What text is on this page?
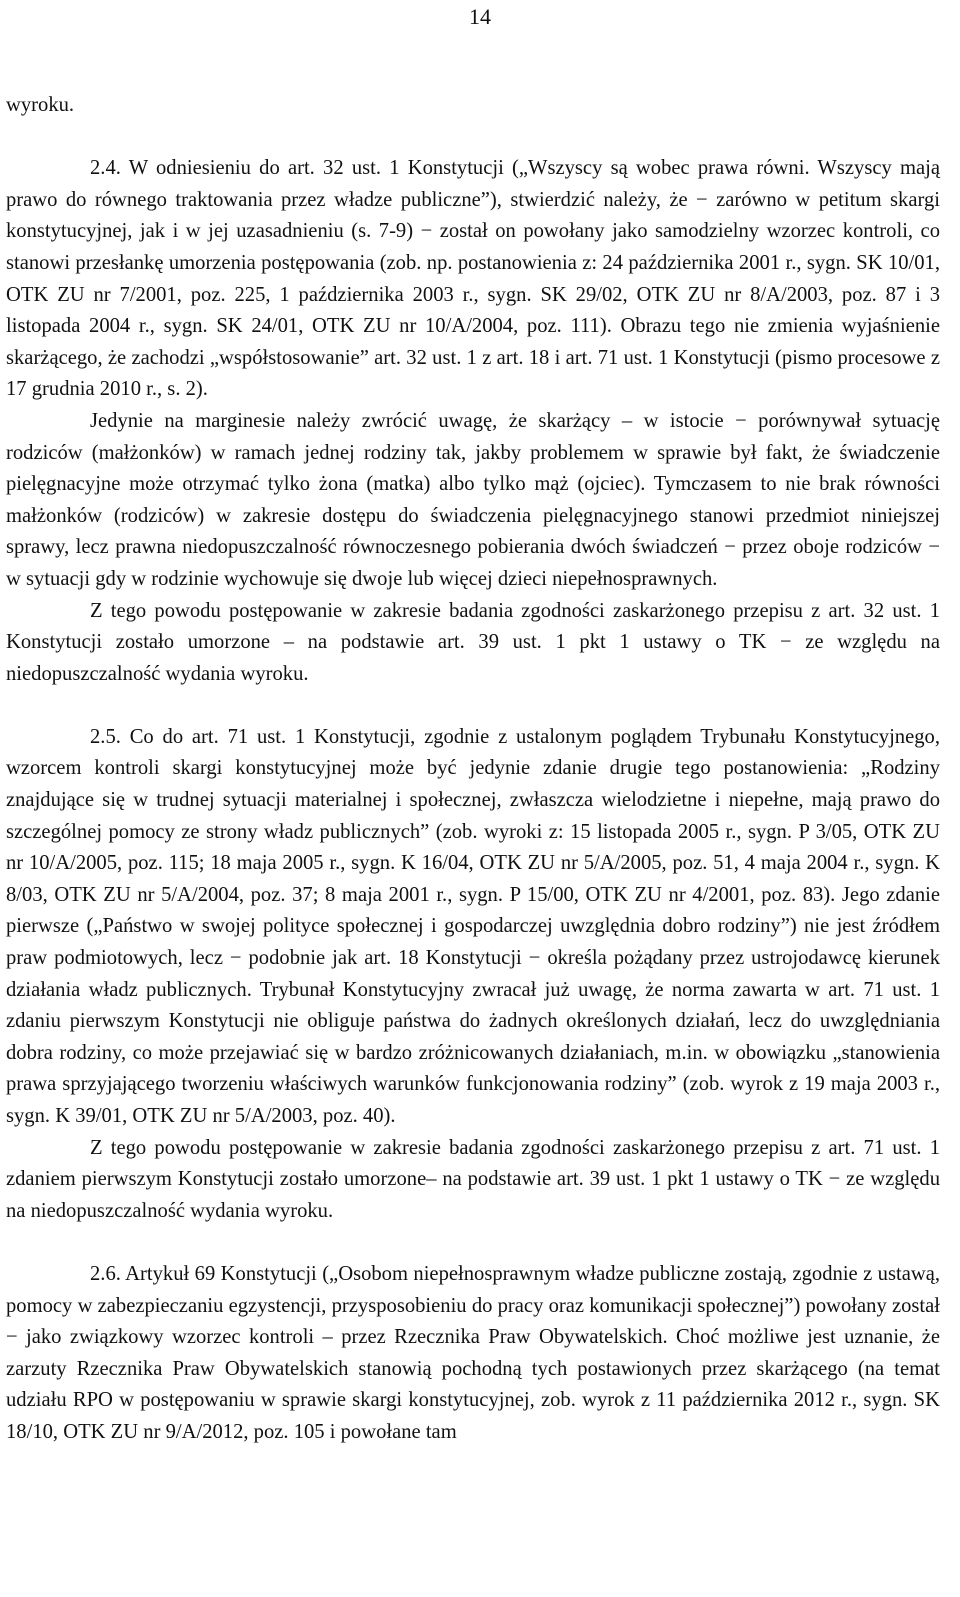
14

wyroku.

2.4. W odniesieniu do art. 32 ust. 1 Konstytucji („Wszyscy są wobec prawa równi. Wszyscy mają prawo do równego traktowania przez władze publiczne”), stwierdzić należy, że − zarówno w petitum skargi konstytucyjnej, jak i w jej uzasadnieniu (s. 7-9) − został on powołany jako samodzielny wzorzec kontroli, co stanowi przesłankę umorzenia postępowania (zob. np. postanowienia z: 24 października 2001 r., sygn. SK 10/01, OTK ZU nr 7/2001, poz. 225, 1 października 2003 r., sygn. SK 29/02, OTK ZU nr 8/A/2003, poz. 87 i 3 listopada 2004 r., sygn. SK 24/01, OTK ZU nr 10/A/2004, poz. 111). Obrazu tego nie zmienia wyjaśnienie skarżącego, że zachodzi „współstosowanie” art. 32 ust. 1 z art. 18 i art. 71 ust. 1 Konstytucji (pismo procesowe z 17 grudnia 2010 r., s. 2).

Jedynie na marginesie należy zwrócić uwagę, że skarżący – w istocie − porównywał sytuację rodziców (małżonków) w ramach jednej rodziny tak, jakby problemem w sprawie był fakt, że świadczenie pielęgnacyjne może otrzymać tylko żona (matka) albo tylko mąż (ojciec). Tymczasem to nie brak równości małżonków (rodziców) w zakresie dostępu do świadczenia pielęgnacyjnego stanowi przedmiot niniejszej sprawy, lecz prawna niedopuszczalność równoczesnego pobierania dwóch świadczeń − przez oboje rodziców − w sytuacji gdy w rodzinie wychowuje się dwoje lub więcej dzieci niepełnosprawnych.

Z tego powodu postępowanie w zakresie badania zgodności zaskarżonego przepisu z art. 32 ust. 1 Konstytucji zostało umorzone – na podstawie art. 39 ust. 1 pkt 1 ustawy o TK − ze względu na niedopuszczalność wydania wyroku.

2.5. Co do art. 71 ust. 1 Konstytucji, zgodnie z ustalonym poglądem Trybunału Konstytucyjnego, wzorcem kontroli skargi konstytucyjnej może być jedynie zdanie drugie tego postanowienia: „Rodziny znajdujące się w trudnej sytuacji materialnej i społecznej, zwłaszcza wielodzietne i niepełne, mają prawo do szczególnej pomocy ze strony władz publicznych” (zob. wyroki z: 15 listopada 2005 r., sygn. P 3/05, OTK ZU nr 10/A/2005, poz. 115; 18 maja 2005 r., sygn. K 16/04, OTK ZU nr 5/A/2005, poz. 51, 4 maja 2004 r., sygn. K 8/03, OTK ZU nr 5/A/2004, poz. 37; 8 maja 2001 r., sygn. P 15/00, OTK ZU nr 4/2001, poz. 83). Jego zdanie pierwsze („Państwo w swojej polityce społecznej i gospodarczej uwzględnia dobro rodziny”) nie jest źródłem praw podmiotowych, lecz − podobnie jak art. 18 Konstytucji − określa pożądany przez ustrojodawcę kierunek działania władz publicznych. Trybunał Konstytucyjny zwracał już uwagę, że norma zawarta w art. 71 ust. 1 zdaniu pierwszym Konstytucji nie obliguje państwa do żadnych określonych działań, lecz do uwzględniania dobra rodziny, co może przejawiać się w bardzo zróżnicowanych działaniach, m.in. w obowiązku „stanowienia prawa sprzyjającego tworzeniu właściwych warunków funkcjonowania rodziny” (zob. wyrok z 19 maja 2003 r., sygn. K 39/01, OTK ZU nr 5/A/2003, poz. 40).

Z tego powodu postępowanie w zakresie badania zgodności zaskarżonego przepisu z art. 71 ust. 1 zdaniem pierwszym Konstytucji zostało umorzone– na podstawie art. 39 ust. 1 pkt 1 ustawy o TK − ze względu na niedopuszczalność wydania wyroku.

2.6. Artykuł 69 Konstytucji („Osobom niepełnosprawnym władze publiczne zostają, zgodnie z ustawą, pomocy w zabezpieczaniu egzystencji, przysposobieniu do pracy oraz komunikacji społecznej”) powołany został − jako związkowy wzorzec kontroli – przez Rzecznika Praw Obywatelskich. Choć możliwe jest uznanie, że zarzuty Rzecznika Praw Obywatelskich stanowią pochodną tych postawionych przez skarżącego (na temat udziału RPO w postępowaniu w sprawie skargi konstytucyjnej, zob. wyrok z 11 października 2012 r., sygn. SK 18/10, OTK ZU nr 9/A/2012, poz. 105 i powołane tam
